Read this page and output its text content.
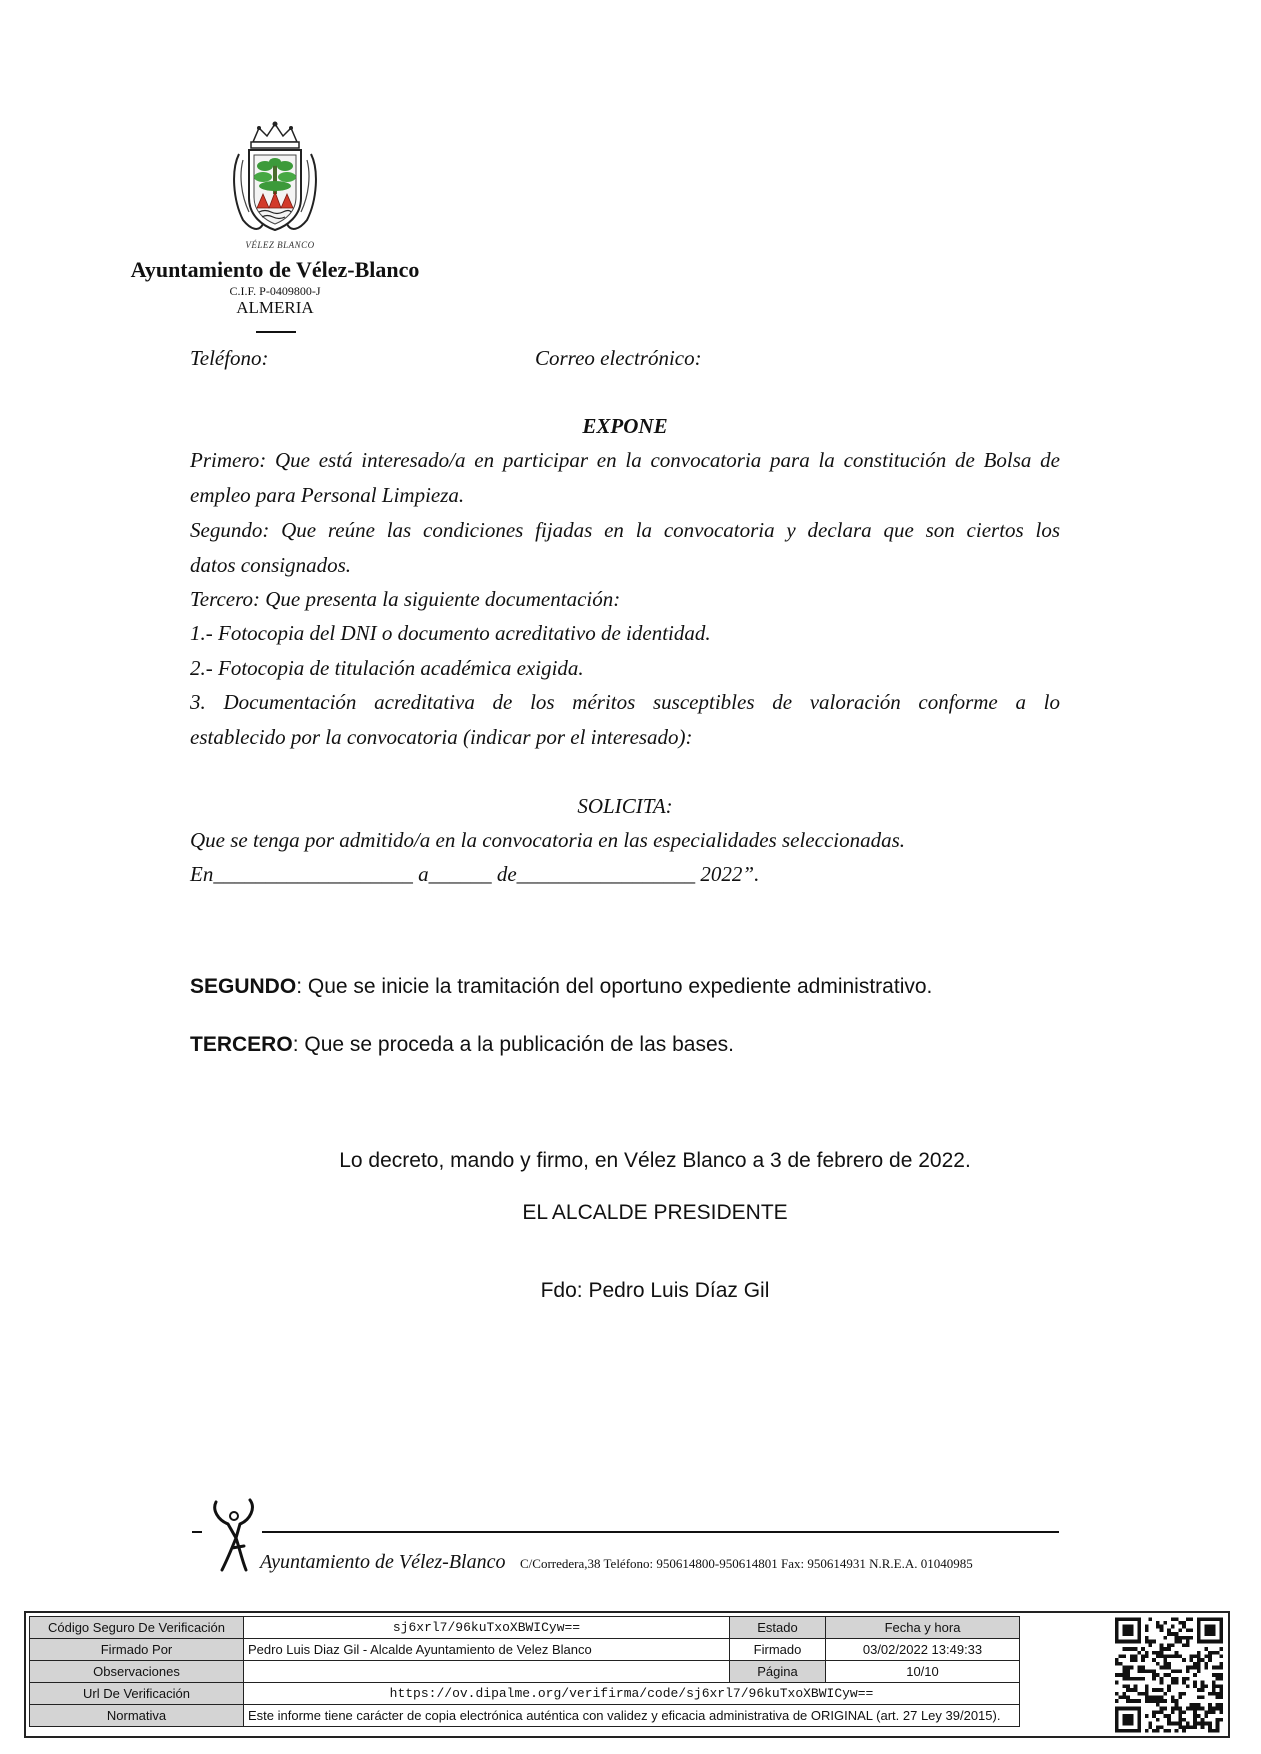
VÉLEZ BLANCO
Ayuntamiento de Vélez-Blanco
C.I.F. P-0409800-J
ALMERIA
Teléfono:	Correo electrónico:
EXPONE
Primero: Que está interesado/a en participar en la convocatoria para la constitución de Bolsa de
empleo para Personal Limpieza.
Segundo: Que reúne las condiciones fijadas en la convocatoria y declara que son ciertos los
datos consignados.
Tercero: Que presenta la siguiente documentación:
1.- Fotocopia del DNI o documento acreditativo de identidad.
2.- Fotocopia de titulación académica exigida.
3. Documentación acreditativa de los méritos susceptibles de valoración conforme a lo
establecido por la convocatoria (indicar por el interesado):
SOLICITA:
Que se tenga por admitido/a en la convocatoria en las especialidades seleccionadas.
En___________________ a______ de_________________ 2022”.
SEGUNDO: Que se inicie la tramitación del oportuno expediente administrativo.
TERCERO: Que se proceda a la publicación de las bases.
Lo decreto, mando y firmo, en Vélez Blanco a 3 de febrero de 2022.
EL ALCALDE PRESIDENTE
Fdo: Pedro Luis Díaz Gil
Ayuntamiento de Vélez-Blanco C/Corredera,38 Teléfono: 950614800-950614801 Fax: 950614931 N.R.E.A. 01040985
Código Seguro De Verificación	sj6xrl7/96kuTxoXBWICyw==	Estado	Fecha y hora
Firmado Por	Pedro Luis Diaz Gil - Alcalde Ayuntamiento de Velez Blanco	Firmado	03/02/2022 13:49:33
Observaciones		Página	10/10
Url De Verificación	https://ov.dipalme.org/verifirma/code/sj6xrl7/96kuTxoXBWICyw==		
Normativa	Este informe tiene carácter de copia electrónica auténtica con validez y eficacia administrativa de ORIGINAL (art. 27 Ley 39/2015).		
